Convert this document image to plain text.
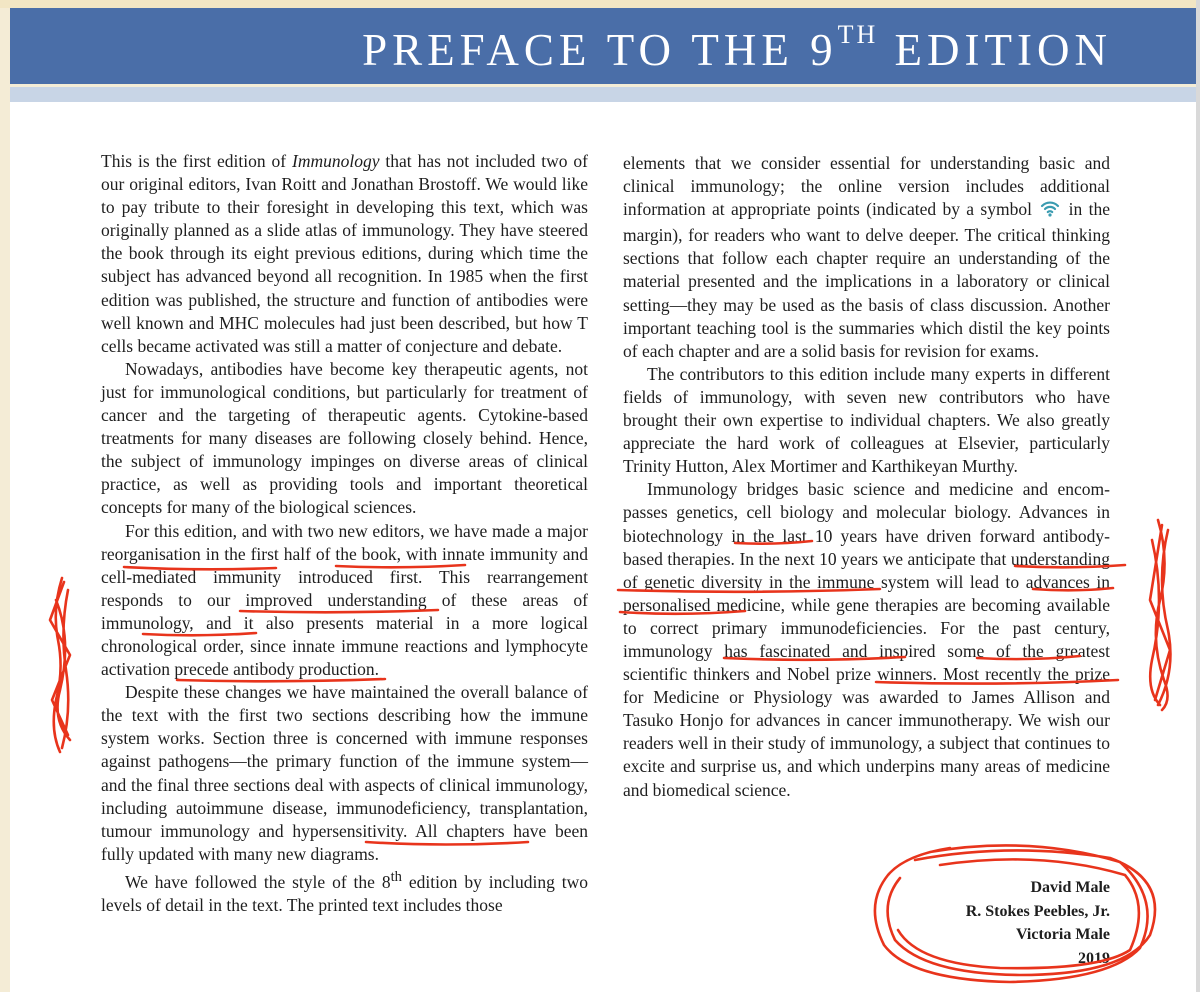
PREFACE TO THE 9TH EDITION

This is the first edition of Immunology that has not included two of our original editors, Ivan Roitt and Jonathan Brostoff. We would like to pay tribute to their foresight in developing this text, which was originally planned as a slide atlas of immunology. They have steered the book through its eight previous editions, during which time the subject has advanced beyond all recognition. In 1985 when the first edition was published, the structure and function of antibodies were well known and MHC molecules had just been described, but how T cells became activated was still a matter of conjecture and debate.

Nowadays, antibodies have become key therapeutic agents, not just for immunological conditions, but particularly for treatment of cancer and the targeting of therapeutic agents. Cytokine-based treatments for many diseases are following closely behind. Hence, the subject of immunology impinges on diverse areas of clinical practice, as well as providing tools and important theoretical concepts for many of the biological sciences.

For this edition, and with two new editors, we have made a major reorganisation in the first half of the book, with innate immunity and cell-mediated immunity introduced first. This rearrangement responds to our improved understanding of these areas of immunology, and it also presents material in a more logical chronological order, since innate immune reactions and lymphocyte activation precede antibody production.

Despite these changes we have maintained the overall balance of the text with the first two sections describing how the immune system works. Section three is concerned with immune responses against pathogens—the primary function of the immune system—and the final three sections deal with aspects of clinical immunology, including autoimmune disease, immunodeficiency, transplantation, tumour immunology and hypersensitivity. All chapters have been fully updated with many new diagrams.

We have followed the style of the 8th edition by including two levels of detail in the text. The printed text includes those

elements that we consider essential for understanding basic and clinical immunology; the online version includes additional information at appropriate points (indicated by a symbol  in the margin), for readers who want to delve deeper. The critical thinking sections that follow each chapter require an understanding of the material presented and the implications in a laboratory or clinical setting—they may be used as the basis of class discussion. Another important teaching tool is the summaries which distil the key points of each chapter and are a solid basis for revision for exams.

The contributors to this edition include many experts in different fields of immunology, with seven new contributors who have brought their own expertise to individual chapters. We also greatly appreciate the hard work of colleagues at Elsevier, particularly Trinity Hutton, Alex Mortimer and Karthikeyan Murthy.

Immunology bridges basic science and medicine and encompasses genetics, cell biology and molecular biology. Advances in biotechnology in the last 10 years have driven forward antibody-based therapies. In the next 10 years we anticipate that understanding of genetic diversity in the immune system will lead to advances in personalised medicine, while gene therapies are becoming available to correct primary immunodeficiencies. For the past century, immunology has fascinated and inspired some of the greatest scientific thinkers and Nobel prize winners. Most recently the prize for Medicine or Physiology was awarded to James Allison and Tasuko Honjo for advances in cancer immunotherapy. We wish our readers well in their study of immunology, a subject that continues to excite and surprise us, and which underpins many areas of medicine and biomedical science.

David Male
R. Stokes Peebles, Jr.
Victoria Male
2019
